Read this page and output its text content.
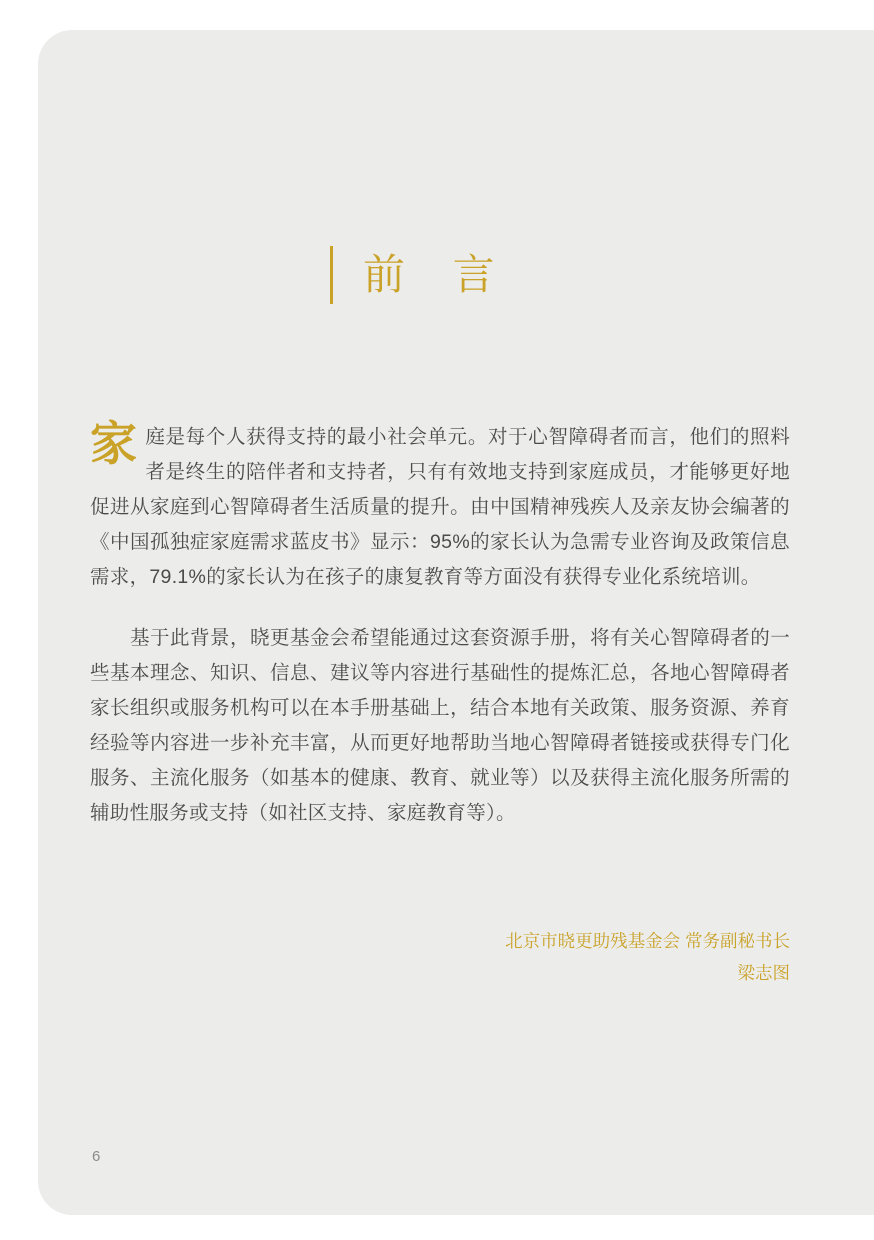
前 言

家庭是每个人获得支持的最小社会单元。对于心智障碍者而言，他们的照料者是终生的陪伴者和支持者，只有有效地支持到家庭成员，才能够更好地促进从家庭到心智障碍者生活质量的提升。由中国精神残疾人及亲友协会编著的《中国孤独症家庭需求蓝皮书》显示：95%的家长认为急需专业咨询及政策信息需求，79.1%的家长认为在孩子的康复教育等方面没有获得专业化系统培训。

基于此背景，晓更基金会希望能通过这套资源手册，将有关心智障碍者的一些基本理念、知识、信息、建议等内容进行基础性的提炼汇总，各地心智障碍者家长组织或服务机构可以在本手册基础上，结合本地有关政策、服务资源、养育经验等内容进一步补充丰富，从而更好地帮助当地心智障碍者链接或获得专门化服务、主流化服务（如基本的健康、教育、就业等）以及获得主流化服务所需的辅助性服务或支持（如社区支持、家庭教育等）。

北京市晓更助残基金会 常务副秘书长
梁志图
6
